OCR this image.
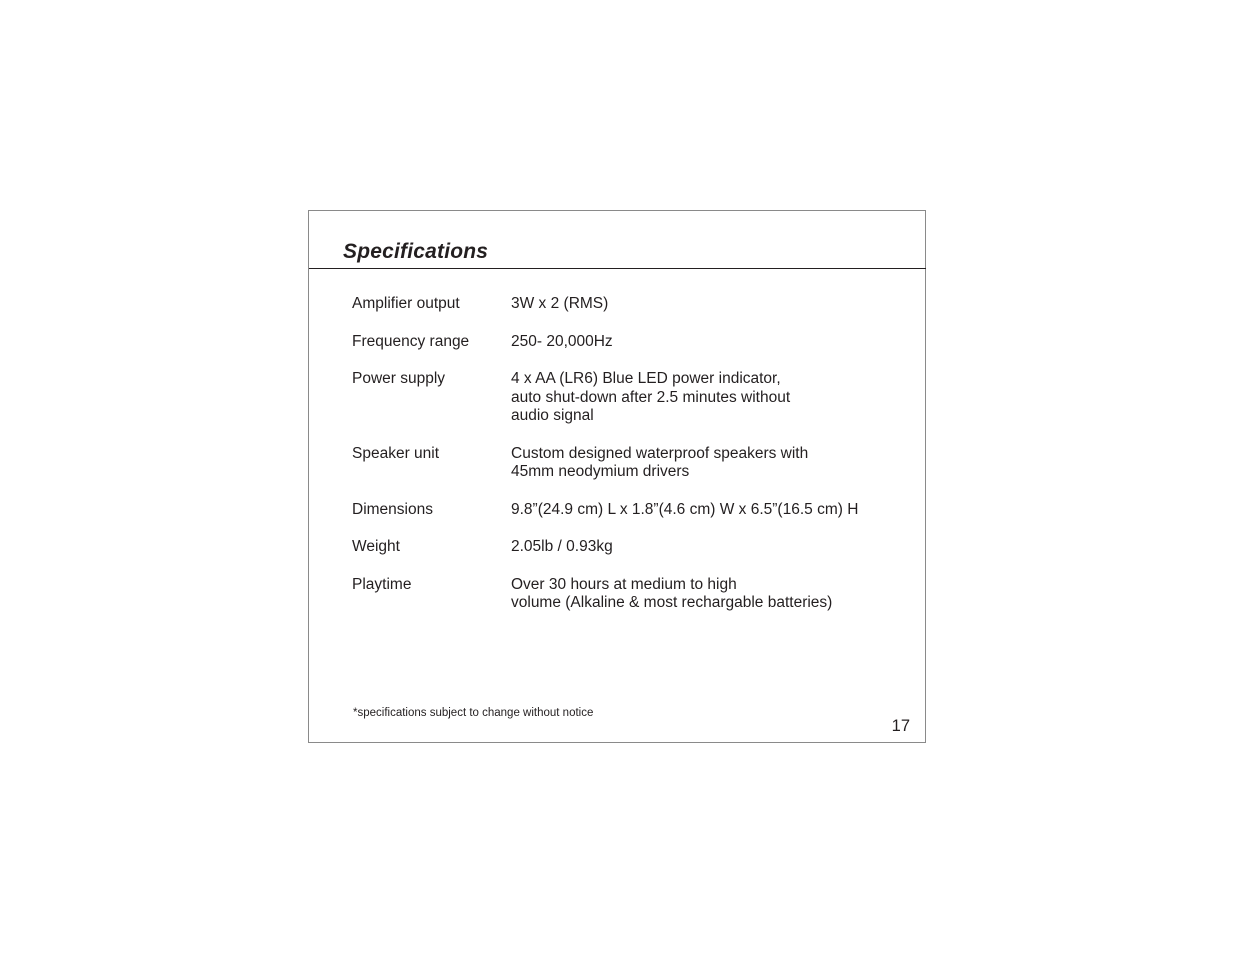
Specifications
Amplifier output	3W x 2 (RMS)
Frequency range	250- 20,000Hz
Power supply	4 x AA (LR6) Blue LED power indicator,
auto shut-down after 2.5 minutes without
audio signal
Speaker unit	Custom designed waterproof speakers with
45mm neodymium drivers
Dimensions	9.8”(24.9 cm) L x 1.8”(4.6 cm) W x 6.5”(16.5 cm) H
Weight	2.05lb / 0.93kg
Playtime	Over 30 hours at medium to high
volume (Alkaline & most rechargable batteries)
*specifications subject to change without notice
17
